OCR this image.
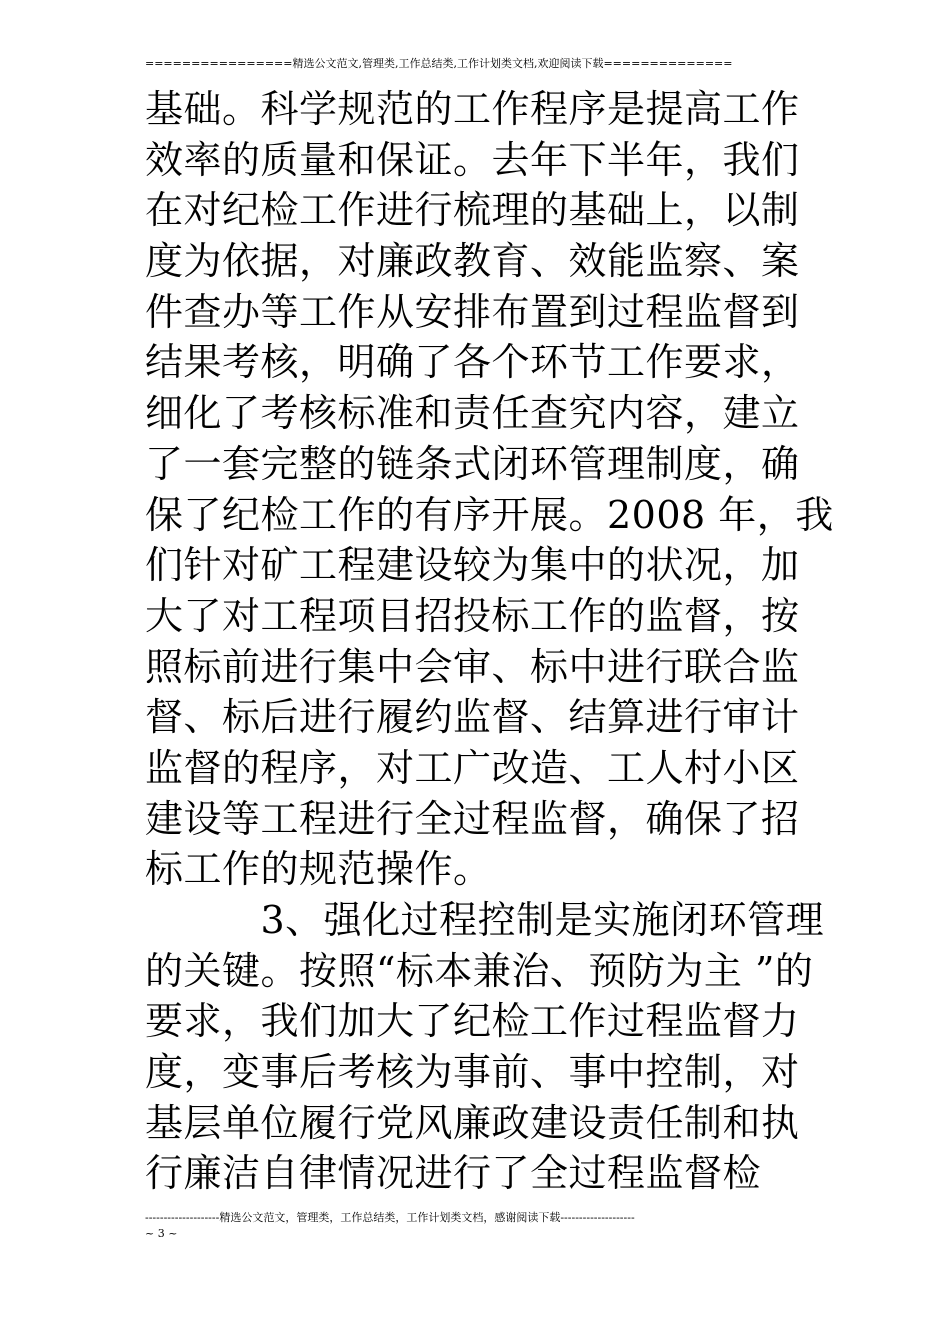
================精选公文范文,管理类,工作总结类,工作计划类文档,欢迎阅读下载==============
基础。科学规范的工作程序是提高工作
效率的质量和保证。去年下半年，我们
在对纪检工作进行梳理的基础上，以制
度为依据，对廉政教育、效能监察、案
件查办等工作从安排布置到过程监督到
结果考核，明确了各个环节工作要求，
细化了考核标准和责任查究内容，建立
了一套完整的链条式闭环管理制度，确
保了纪检工作的有序开展。2008 年，我
们针对矿工程建设较为集中的状况，加
大了对工程项目招投标工作的监督，按
照标前进行集中会审、标中进行联合监
督、标后进行履约监督、结算进行审计
监督的程序，对工广改造、工人村小区
建设等工程进行全过程监督，确保了招
标工作的规范操作。
　　　3、强化过程控制是实施闭环管理
的关键。按照“标本兼治、预防为主 ”的
要求，我们加大了纪检工作过程监督力
度，变事后考核为事前、事中控制，对
基层单位履行党风廉政建设责任制和执
行廉洁自律情况进行了全过程监督检
--------------------精选公文范文，管理类，工作总结类，工作计划类文档，感谢阅读下载--------------------
~ 3 ~
